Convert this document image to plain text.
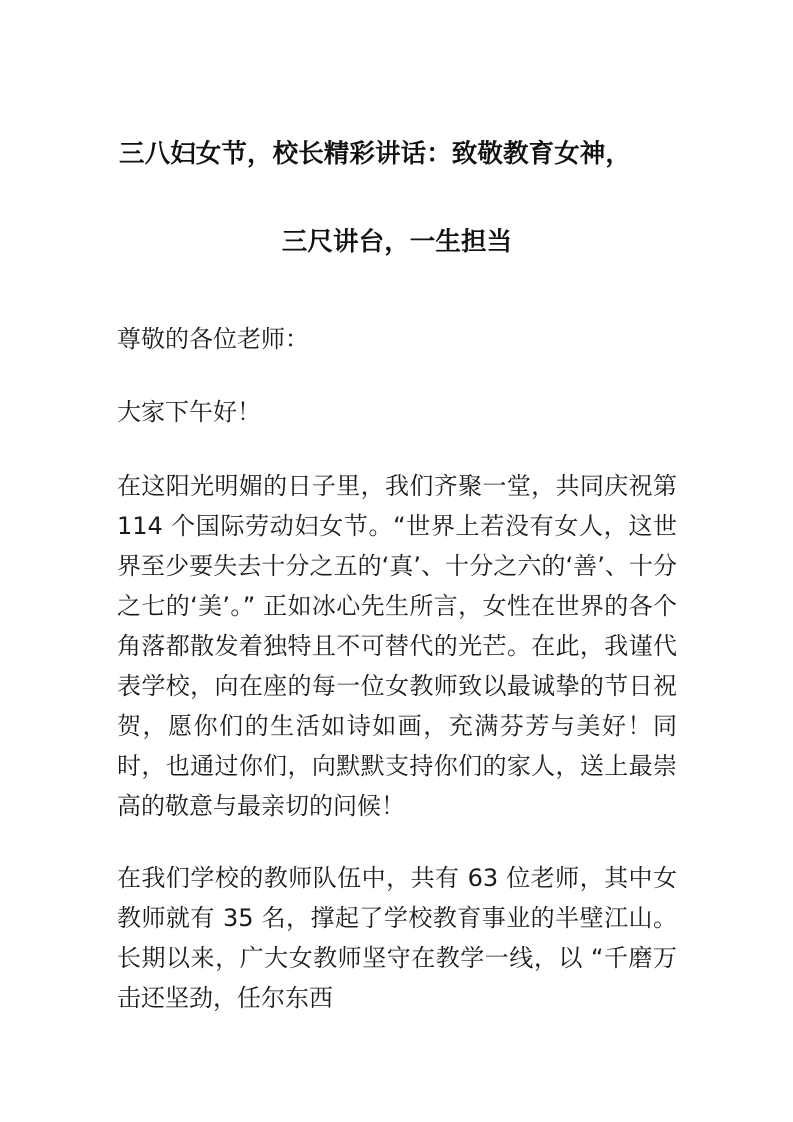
三八妇女节，校长精彩讲话：致敬教育女神，
三尺讲台，一生担当

尊敬的各位老师：

大家下午好！

在这阳光明媚的日子里，我们齐聚一堂，共同庆祝第 114 个国际劳动妇女节。“世界上若没有女人，这世界至少要失去十分之五的‘真’、十分之六的‘善’、十分之七的‘美’。” 正如冰心先生所言，女性在世界的各个角落都散发着独特且不可替代的光芒。在此，我谨代表学校，向在座的每一位女教师致以最诚挚的节日祝贺，愿你们的生活如诗如画，充满芬芳与美好！同时，也通过你们，向默默支持你们的家人，送上最崇高的敬意与最亲切的问候！

在我们学校的教师队伍中，共有 63 位老师，其中女教师就有 35 名，撑起了学校教育事业的半壁江山。长期以来，广大女教师坚守在教学一线，以 “千磨万击还坚劲，任尔东西
